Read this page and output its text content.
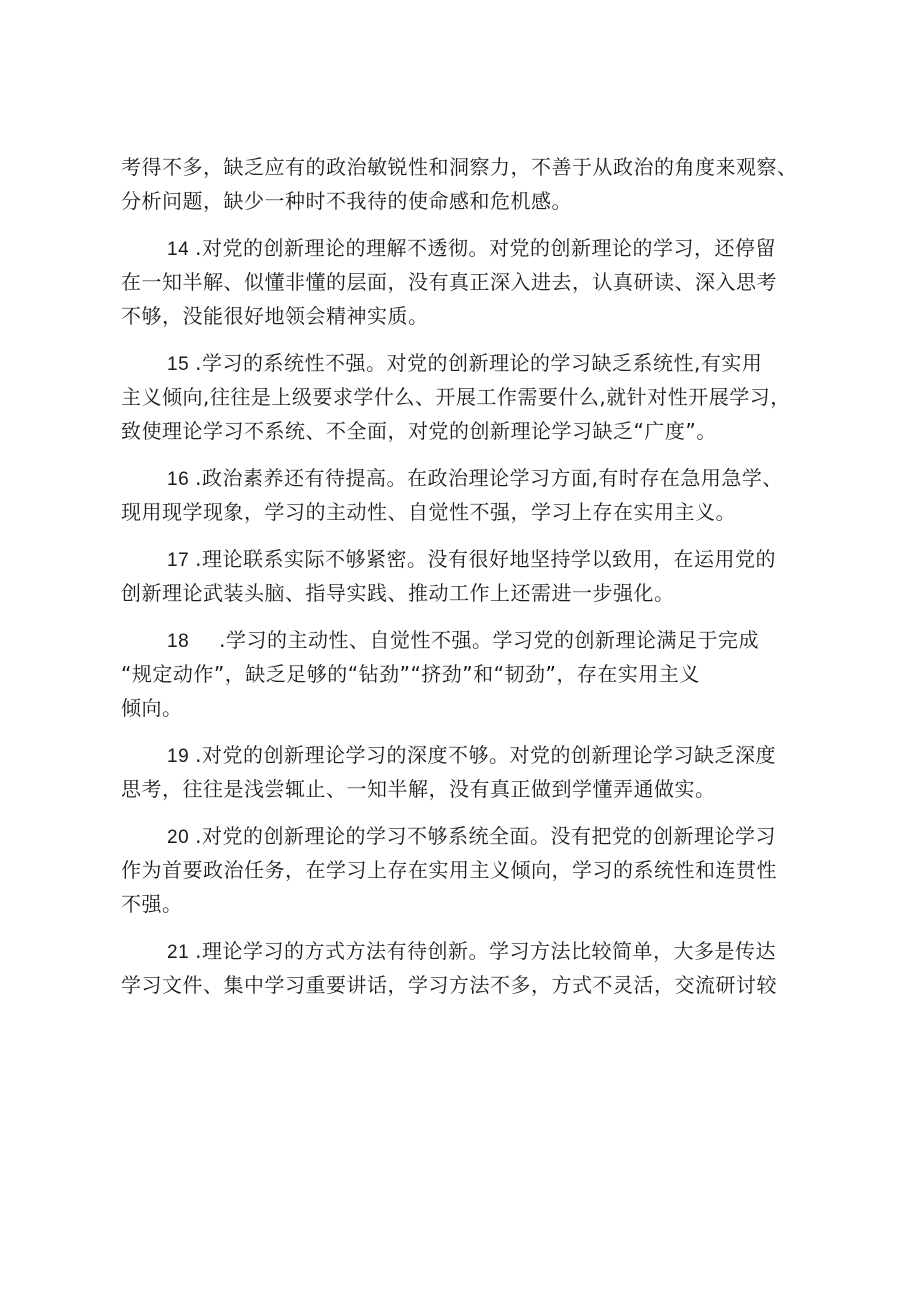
考得不多，缺乏应有的政治敏锐性和洞察力，不善于从政治的角度来观察、
分析问题，缺少一种时不我待的使命感和危机感。
14 .对党的创新理论的理解不透彻。对党的创新理论的学习，还停留
在一知半解、似懂非懂的层面，没有真正深入进去，认真研读、深入思考
不够，没能很好地领会精神实质。
15 .学习的系统性不强。对党的创新理论的学习缺乏系统性,有实用
主义倾向,往往是上级要求学什么、开展工作需要什么,就针对性开展学习，
致使理论学习不系统、不全面，对党的创新理论学习缺乏“广度”。
16 .政治素养还有待提高。在政治理论学习方面,有时存在急用急学、
现用现学现象，学习的主动性、自觉性不强，学习上存在实用主义。
17 .理论联系实际不够紧密。没有很好地坚持学以致用，在运用党的
创新理论武装头脑、指导实践、推动工作上还需进一步强化。
18 .学习的主动性、自觉性不强。学习党的创新理论满足于完成
“规定动作”，缺乏足够的“钻劲”“挤劲”和“韧劲”，存在实用主义
倾向。
19 .对党的创新理论学习的深度不够。对党的创新理论学习缺乏深度
思考，往往是浅尝辄止、一知半解，没有真正做到学懂弄通做实。
20 .对党的创新理论的学习不够系统全面。没有把党的创新理论学习
作为首要政治任务，在学习上存在实用主义倾向，学习的系统性和连贯性
不强。
21 .理论学习的方式方法有待创新。学习方法比较简单，大多是传达
学习文件、集中学习重要讲话，学习方法不多，方式不灵活，交流研讨较
